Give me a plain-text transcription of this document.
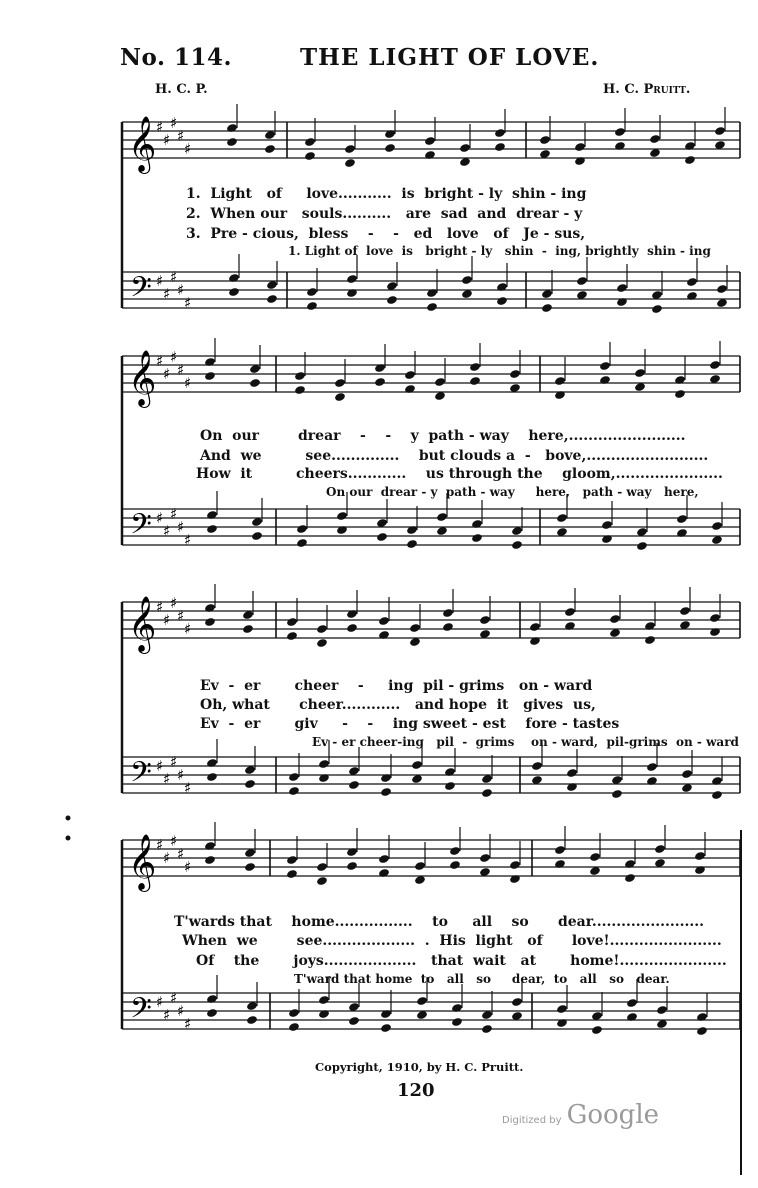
𝄞
𝄢
♯
♯
♯
♯
♯
♯
♯
♯
♯
♯
𝄞
𝄢
♯
♯
♯
♯
♯
♯
♯
♯
♯
♯
𝄞
𝄢
♯
♯
♯
♯
♯
♯
♯
♯
♯
♯
𝄞
𝄢
♯
♯
♯
♯
♯
♯
♯
♯
♯
♯
No. 114.	THE LIGHT OF LOVE.
H. C. P.	H. C. Pruitt.
1.  Light   of     love...........  is  bright - ly  shin - ing
2.  When our   souls..........   are  sad  and  drear - y
3.  Pre - cious,  bless    -    -   ed   love   of   Je - sus,
1. Light of  love  is   bright - ly   shin  -  ing, brightly  shin - ing
On  our        drear    -    -    y  path - way    here,........................
And  we         see..............    but clouds a  -   bove,.........................
How  it         cheers............    us through the    gloom,......................
On our  drear - y  path - way     here,   path - way   here,
Ev  -  er       cheer    -     ing  pil - grims   on - ward
Oh, what      cheer............   and hope  it   gives  us,
Ev  -  er       giv     -    -    ing sweet - est    fore - tastes
Ev - er cheer-ing   pil  -  grims    on - ward,  pil-grims  on - ward
T'wards that    home................    to     all    so      dear.......................
When  we        see...................  .  His  light   of      love!.......................
Of    the       joys...................   that  wait   at       home!......................
T'ward that home  to   all   so     dear,  to   all   so   dear.
Copyright, 1910, by H. C. Pruitt.
120
Digitized by Google
